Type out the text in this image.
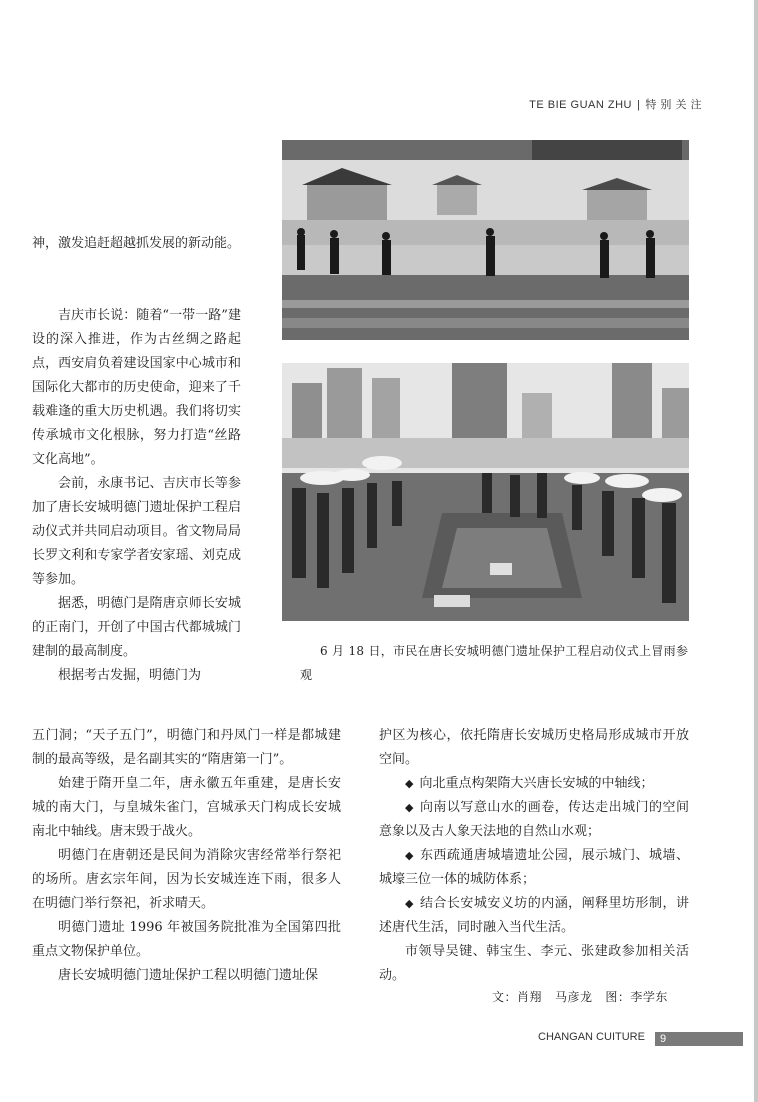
TE BIE GUAN ZHU | 特 别 关 注
6 月 18 日，市民在唐长安城明德门遗址保护工程启动仪式上冒雨参观

神，激发追赶超越抓发展的新动能。

吉庆市长说：随着“一带一路”建设的深入推进，作为古丝绸之路起点，西安肩负着建设国家中心城市和国际化大都市的历史使命，迎来了千载难逢的重大历史机遇。我们将切实传承城市文化根脉，努力打造“丝路文化高地”。

会前，永康书记、吉庆市长等参加了唐长安城明德门遗址保护工程启动仪式并共同启动项目。省文物局局长罗文利和专家学者安家瑶、刘克成等参加。

据悉，明德门是隋唐京师长安城的正南门，开创了中国古代都城城门建制的最高制度。

根据考古发掘，明德门为

五门洞；“天子五门”，明德门和丹凤门一样是都城建制的最高等级，是名副其实的“隋唐第一门”。

始建于隋开皇二年，唐永徽五年重建，是唐长安城的南大门，与皇城朱雀门，宫城承天门构成长安城南北中轴线。唐末毁于战火。

明德门在唐朝还是民间为消除灾害经常举行祭祀的场所。唐玄宗年间，因为长安城连连下雨，很多人在明德门举行祭祀，祈求晴天。

明德门遗址 1996 年被国务院批准为全国第四批重点文物保护单位。

唐长安城明德门遗址保护工程以明德门遗址保

护区为核心，依托隋唐长安城历史格局形成城市开放空间。

◆ 向北重点构架隋大兴唐长安城的中轴线；

◆ 向南以写意山水的画卷，传达走出城门的空间意象以及古人象天法地的自然山水观；

◆ 东西疏通唐城墙遗址公园，展示城门、城墙、城壕三位一体的城防体系；

◆ 结合长安城安义坊的内涵，阐释里坊形制，讲述唐代生活，同时融入当代生活。

市领导吴键、韩宝生、李元、张建政参加相关活动。

文：肖翔   马彦龙   图：李学东
CHANGAN CUITURE	9
